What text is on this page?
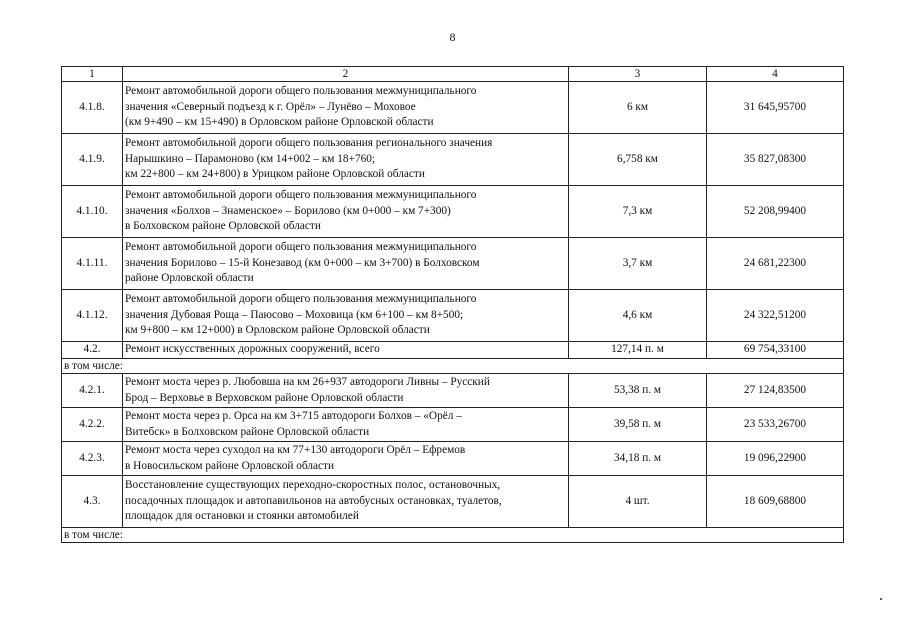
8
1	2	3	4
4.1.8.	Ремонт автомобильной дороги общего пользования межмуниципального
значения «Северный подъезд к г. Орёл» – Лунёво – Моховое
(км 9+490 – км 15+490) в Орловском районе Орловской области	6 км	31 645,95700
4.1.9.	Ремонт автомобильной дороги общего пользования регионального значения
Нарышкино – Парамоново (км 14+002 – км 18+760;
км 22+800 – км 24+800) в Урицком районе Орловской области	6,758 км	35 827,08300
4.1.10.	Ремонт автомобильной дороги общего пользования межмуниципального
значения «Болхов – Знаменское» – Борилово (км 0+000 – км 7+300)
в Болховском районе Орловской области	7,3 км	52 208,99400
4.1.11.	Ремонт автомобильной дороги общего пользования межмуниципального
значения Борилово – 15-й Конезавод (км 0+000 – км 3+700) в Болховском
районе Орловской области	3,7 км	24 681,22300
4.1.12.	Ремонт автомобильной дороги общего пользования межмуниципального
значения Дубовая Роща – Паюсово – Моховица (км 6+100 – км 8+500;
км 9+800 – км 12+000) в Орловском районе Орловской области	4,6 км	24 322,51200
4.2.	Ремонт искусственных дорожных сооружений, всего	127,14 п. м	69 754,33100
в том числе:			
4.2.1.	Ремонт моста через р. Любовша на км 26+937 автодороги Ливны – Русский
Брод – Верховье в Верховском районе Орловской области	53,38 п. м	27 124,83500
4.2.2.	Ремонт моста через р. Орса на км 3+715 автодороги Болхов – «Орёл –
Витебск» в Болховском районе Орловской области	39,58 п. м	23 533,26700
4.2.3.	Ремонт моста через суходол на км 77+130 автодороги Орёл – Ефремов
в Новосильском районе Орловской области	34,18 п. м	19 096,22900
4.3.	Восстановление существующих переходно-скоростных полос, остановочных,
посадочных площадок и автопавильонов на автобусных остановках, туалетов,
площадок для остановки и стоянки автомобилей	4 шт.	18 609,68800
в том числе:			
